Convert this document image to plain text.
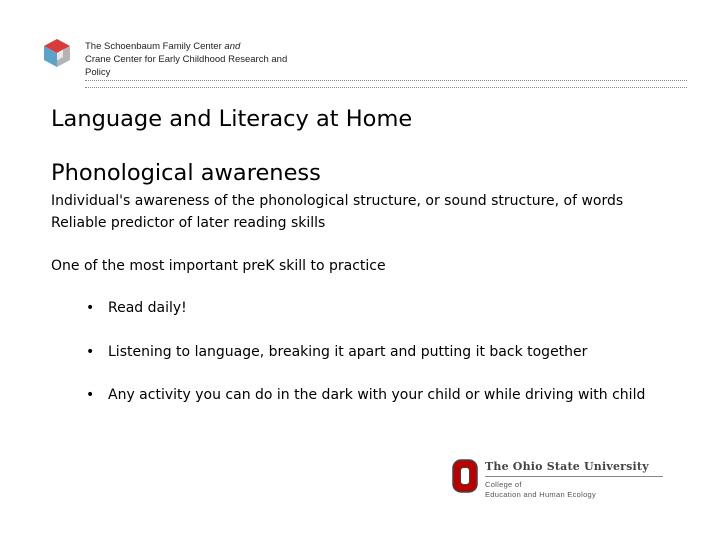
The Schoenbaum Family Center and
Crane Center for Early Childhood Research and
Policy
Language and Literacy at Home
Phonological awareness
Individual's awareness of the phonological structure, or sound structure, of words
Reliable predictor of later reading skills
One of the most important preK skill to practice
• Read daily!
• Listening to language, breaking it apart and putting it back together
• Any activity you can do in the dark with your child or while driving with child
The Ohio State University
College of
Education and Human Ecology
